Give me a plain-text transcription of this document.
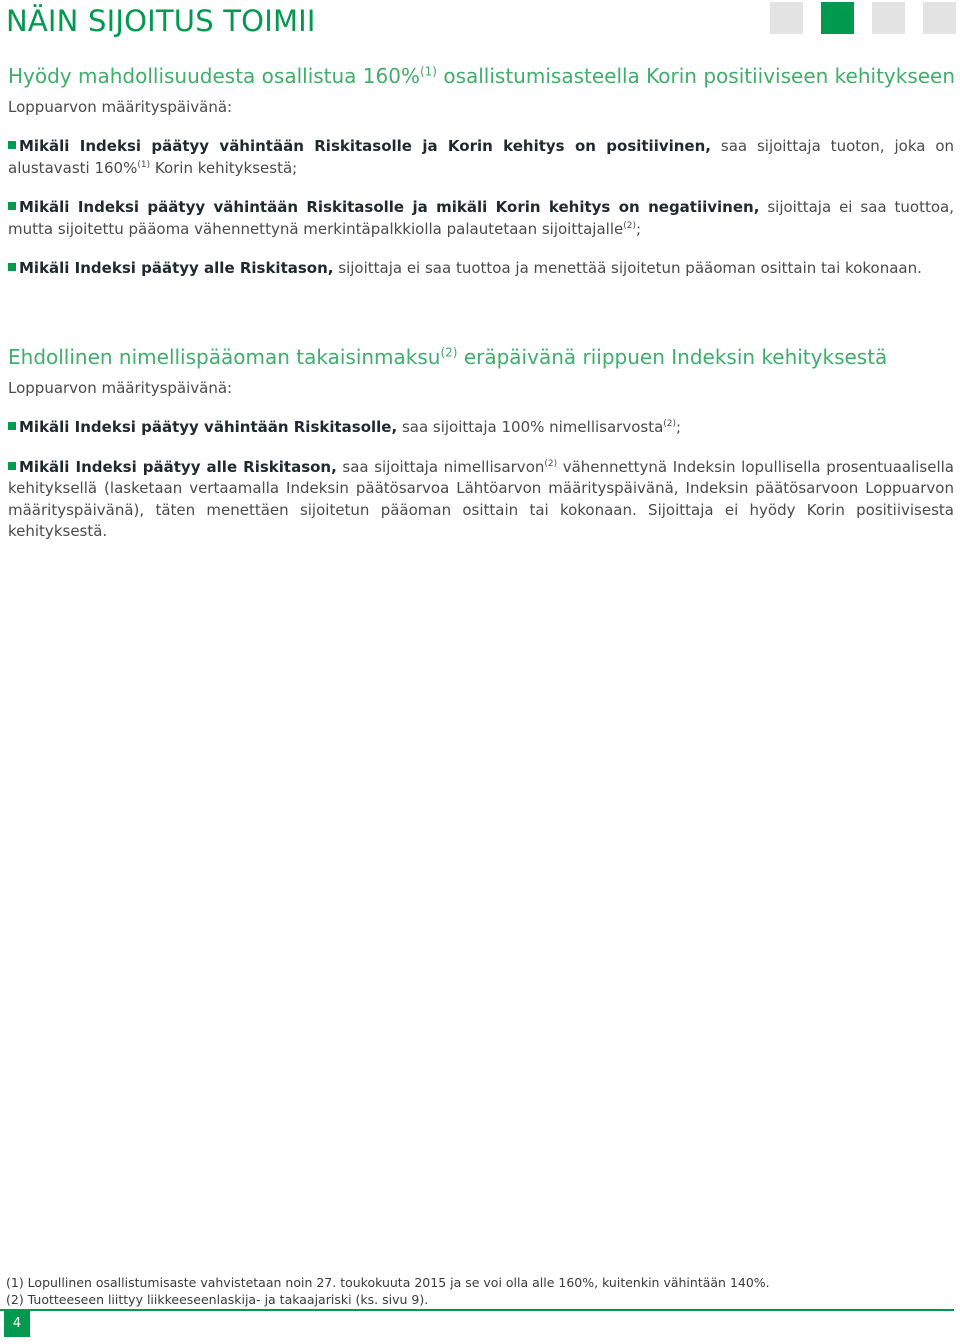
NÄIN SIJOITUS TOIMII
Hyödy mahdollisuudesta osallistua 160%$^{(1)}$ osallistumisasteella Korin positiiviseen kehitykseen

Loppuarvon määrityspäivänä:

Mikäli Indeksi päätyy vähintään Riskitasolle ja Korin kehitys on positiivinen, saa sijoittaja tuoton, joka on alustavasti 160%$^{(1)}$ Korin kehityksestä;

Mikäli Indeksi päätyy vähintään Riskitasolle ja mikäli Korin kehitys on negatiivinen, sijoittaja ei saa tuottoa, mutta sijoitettu pääoma vähennettynä merkintäpalkkiolla palautetaan sijoittajalle$^{(2)}$;

Mikäli Indeksi päätyy alle Riskitason, sijoittaja ei saa tuottoa ja menettää sijoitetun pääoman osittain tai kokonaan.

Ehdollinen nimellispääoman takaisinmaksu$^{(2)}$ eräpäivänä riippuen Indeksin kehityksestä

Loppuarvon määrityspäivänä:

Mikäli Indeksi päätyy vähintään Riskitasolle, saa sijoittaja 100% nimellisarvosta$^{(2)}$;

Mikäli Indeksi päätyy alle Riskitason, saa sijoittaja nimellisarvon$^{(2)}$ vähennettynä Indeksin lopullisella prosentuaalisella kehityksellä (lasketaan vertaamalla Indeksin päätösarvoa Lähtöarvon määrityspäivänä, Indeksin päätösarvoon Loppuarvon määrityspäivänä), täten menettäen sijoitetun pääoman osittain tai kokonaan. Sijoittaja ei hyödy Korin positiivisesta kehityksestä.

(1) Lopullinen osallistumisaste vahvistetaan noin 27. toukokuuta 2015 ja se voi olla alle 160%, kuitenkin vähintään 140%.
(2) Tuotteeseen liittyy liikkeeseenlaskija- ja takaajariski (ks. sivu 9).
4
